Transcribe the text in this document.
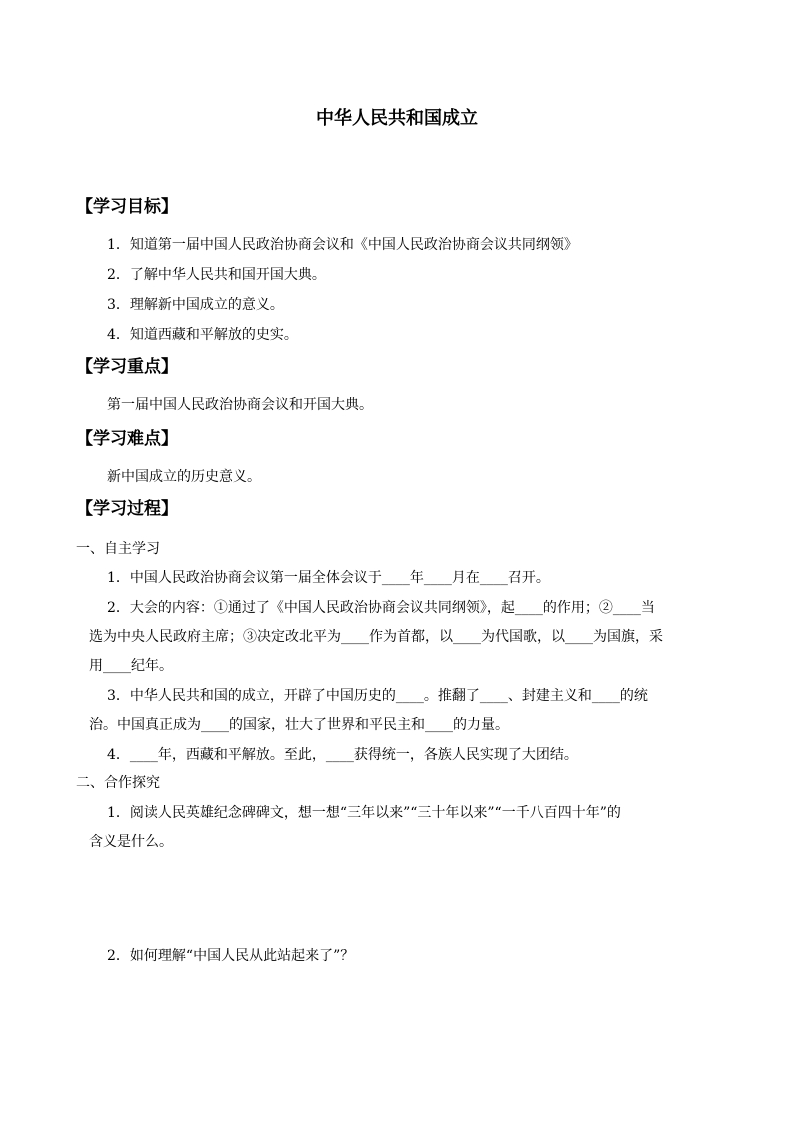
中华人民共和国成立
【学习目标】
1．知道第一届中国人民政治协商会议和《中国人民政治协商会议共同纲领》
2．了解中华人民共和国开国大典。
3．理解新中国成立的意义。
4．知道西藏和平解放的史实。
【学习重点】
第一届中国人民政治协商会议和开国大典。
【学习难点】
新中国成立的历史意义。
【学习过程】
一、自主学习
1．中国人民政治协商会议第一届全体会议于____年____月在____召开。
2．大会的内容：①通过了《中国人民政治协商会议共同纲领》，起____的作用；②____当
选为中央人民政府主席；③决定改北平为____作为首都，以____为代国歌，以____为国旗，采
用____纪年。
3．中华人民共和国的成立，开辟了中国历史的____。推翻了____、封建主义和____的统
治。中国真正成为____的国家，壮大了世界和平民主和____的力量。
4．____年，西藏和平解放。至此，____获得统一，各族人民实现了大团结。
二、合作探究
1．阅读人民英雄纪念碑碑文，想一想“三年以来”“三十年以来”“一千八百四十年”的
含义是什么。
2．如何理解“中国人民从此站起来了”？
